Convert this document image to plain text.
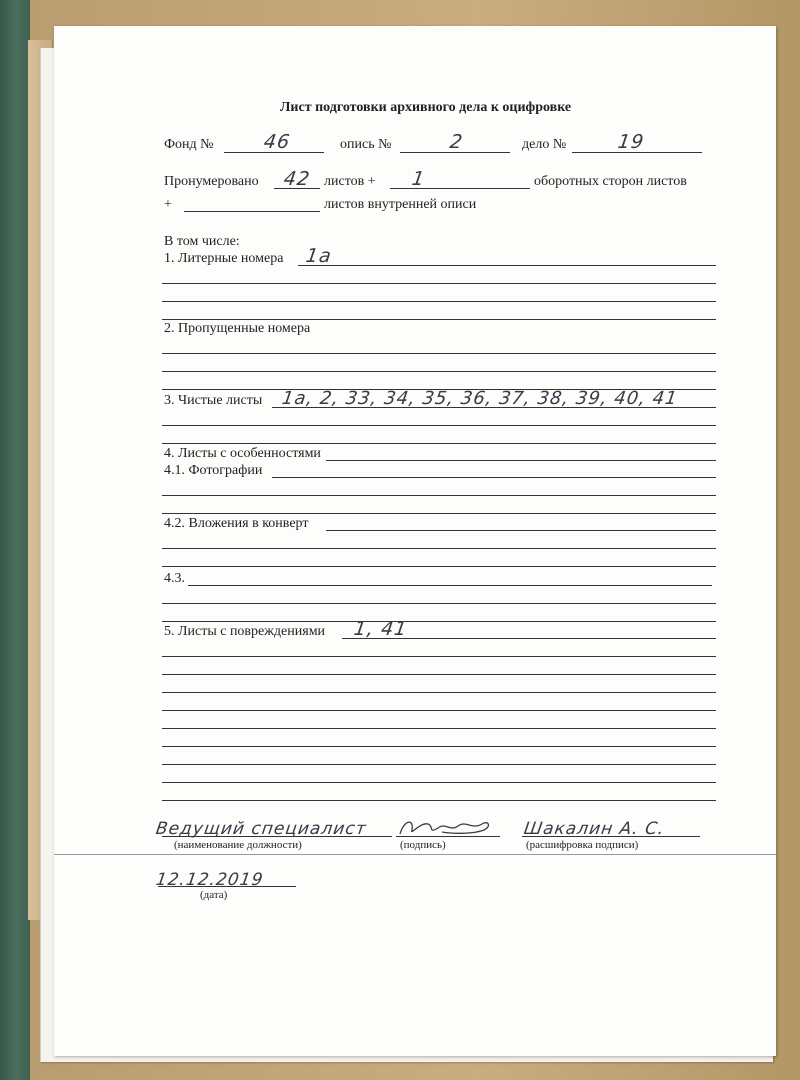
Лист подготовки архивного дела к оцифровке
Фонд №	46	опись №	2	дело №	19
Пронумеровано 42 листов + 1	оборотных сторон листов
+	листов внутренней описи
В том числе:
1. Литерные номера 1а
2. Пропущенные номера
3. Чистые листы 1а, 2, 33, 34, 35, 36, 37, 38, 39, 40, 41
4. Листы с особенностями
4.1. Фотографии
4.2. Вложения в конверт
4.3.
5. Листы с повреждениями 1, 41
Ведущий специалист
(наименование должности)	(подпись)
Шакалин А. С.
(расшифровка подписи)
12.12.2019
(дата)
